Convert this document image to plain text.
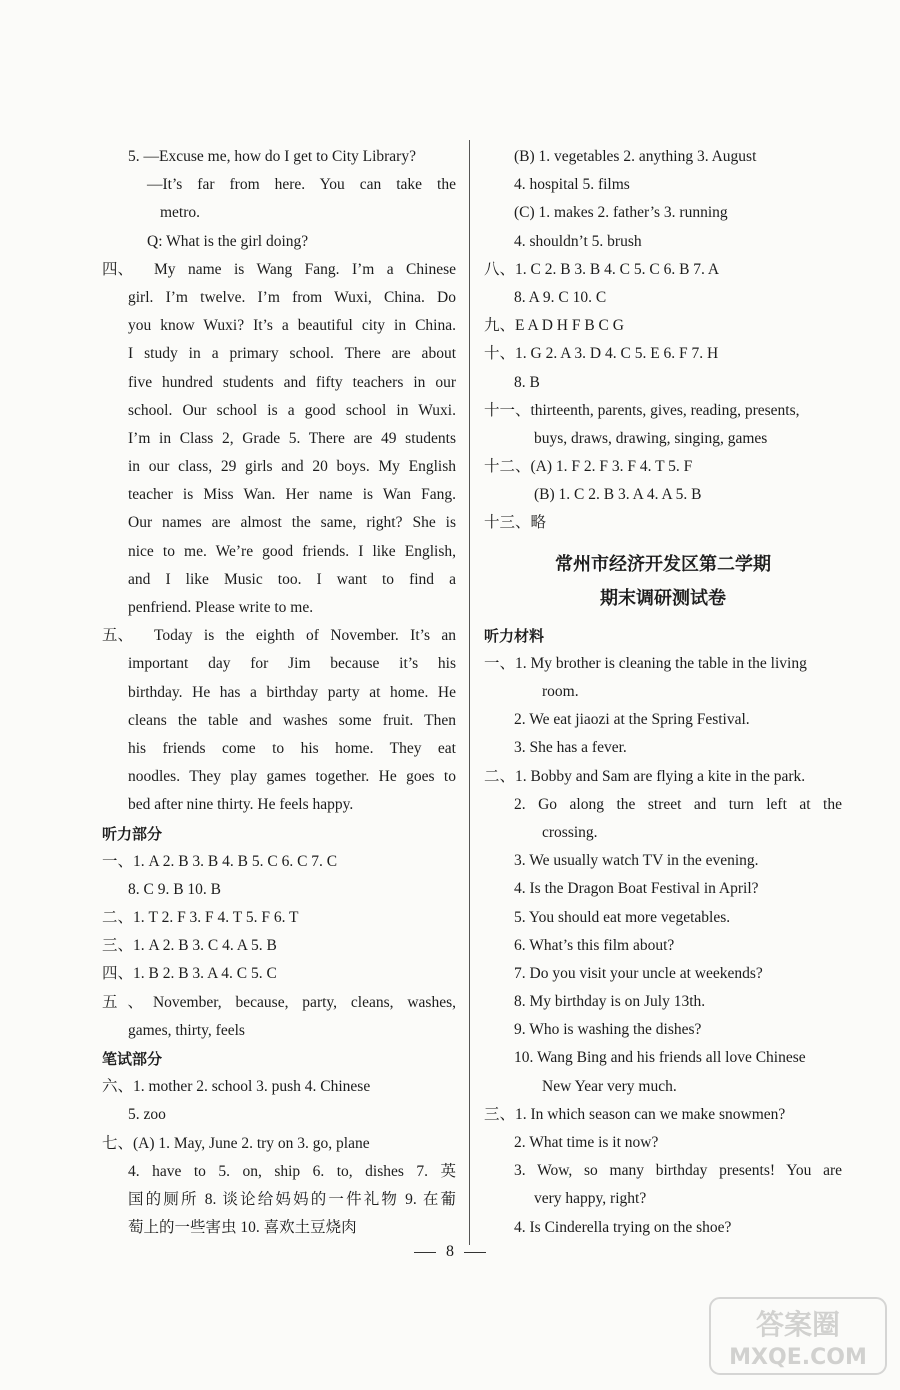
5. —Excuse me, how do I get to City Library?
—It’s far from here. You can take the
metro.
Q: What is the girl doing?
四、 My name is Wang Fang. I’m a Chinese
girl. I’m twelve. I’m from Wuxi, China. Do
you know Wuxi? It’s a beautiful city in China.
I study in a primary school. There are about
five hundred students and fifty teachers in our
school. Our school is a good school in Wuxi.
I’m in Class 2, Grade 5. There are 49 students
in our class, 29 girls and 20 boys. My English
teacher is Miss Wan. Her name is Wan Fang.
Our names are almost the same, right? She is
nice to me. We’re good friends. I like English,
and I like Music too. I want to find a
penfriend. Please write to me.
五、 Today is the eighth of November. It’s an
important day for Jim because it’s his
birthday. He has a birthday party at home. He
cleans the table and washes some fruit. Then
his friends come to his home. They eat
noodles. They play games together. He goes to
bed after nine thirty. He feels happy.
听力部分
一、1. A 2. B 3. B 4. B 5. C 6. C 7. C
8. C 9. B 10. B
二、1. T 2. F 3. F 4. T 5. F 6. T
三、1. A 2. B 3. C 4. A 5. B
四、1. B 2. B 3. A 4. C 5. C
五、November, because, party, cleans, washes,
games, thirty, feels
笔试部分
六、1. mother 2. school 3. push 4. Chinese
5. zoo
七、(A) 1. May, June 2. try on 3. go, plane
4. have to 5. on, ship 6. to, dishes 7. 英
国的厕所 8. 谈论给妈妈的一件礼物 9. 在葡
萄上的一些害虫 10. 喜欢土豆烧肉
(B) 1. vegetables 2. anything 3. August
4. hospital 5. films
(C) 1. makes 2. father’s 3. running
4. shouldn’t 5. brush
八、1. C 2. B 3. B 4. C 5. C 6. B 7. A
8. A 9. C 10. C
九、E A D H F B C G
十、1. G 2. A 3. D 4. C 5. E 6. F 7. H
8. B
十一、thirteenth, parents, gives, reading, presents,
buys, draws, drawing, singing, games
十二、(A) 1. F 2. F 3. F 4. T 5. F
(B) 1. C 2. B 3. A 4. A 5. B
十三、略
常州市经济开发区第二学期
期末调研测试卷
听力材料
一、1. My brother is cleaning the table in the living
room.
2. We eat jiaozi at the Spring Festival.
3. She has a fever.
二、1. Bobby and Sam are flying a kite in the park.
2. Go along the street and turn left at the
crossing.
3. We usually watch TV in the evening.
4. Is the Dragon Boat Festival in April?
5. You should eat more vegetables.
6. What’s this film about?
7. Do you visit your uncle at weekends?
8. My birthday is on July 13th.
9. Who is washing the dishes?
10. Wang Bing and his friends all love Chinese
New Year very much.
三、1. In which season can we make snowmen?
2. What time is it now?
3. Wow, so many birthday presents! You are
very happy, right?
4. Is Cinderella trying on the shoe?
8
答案圈
MXQE.COM
